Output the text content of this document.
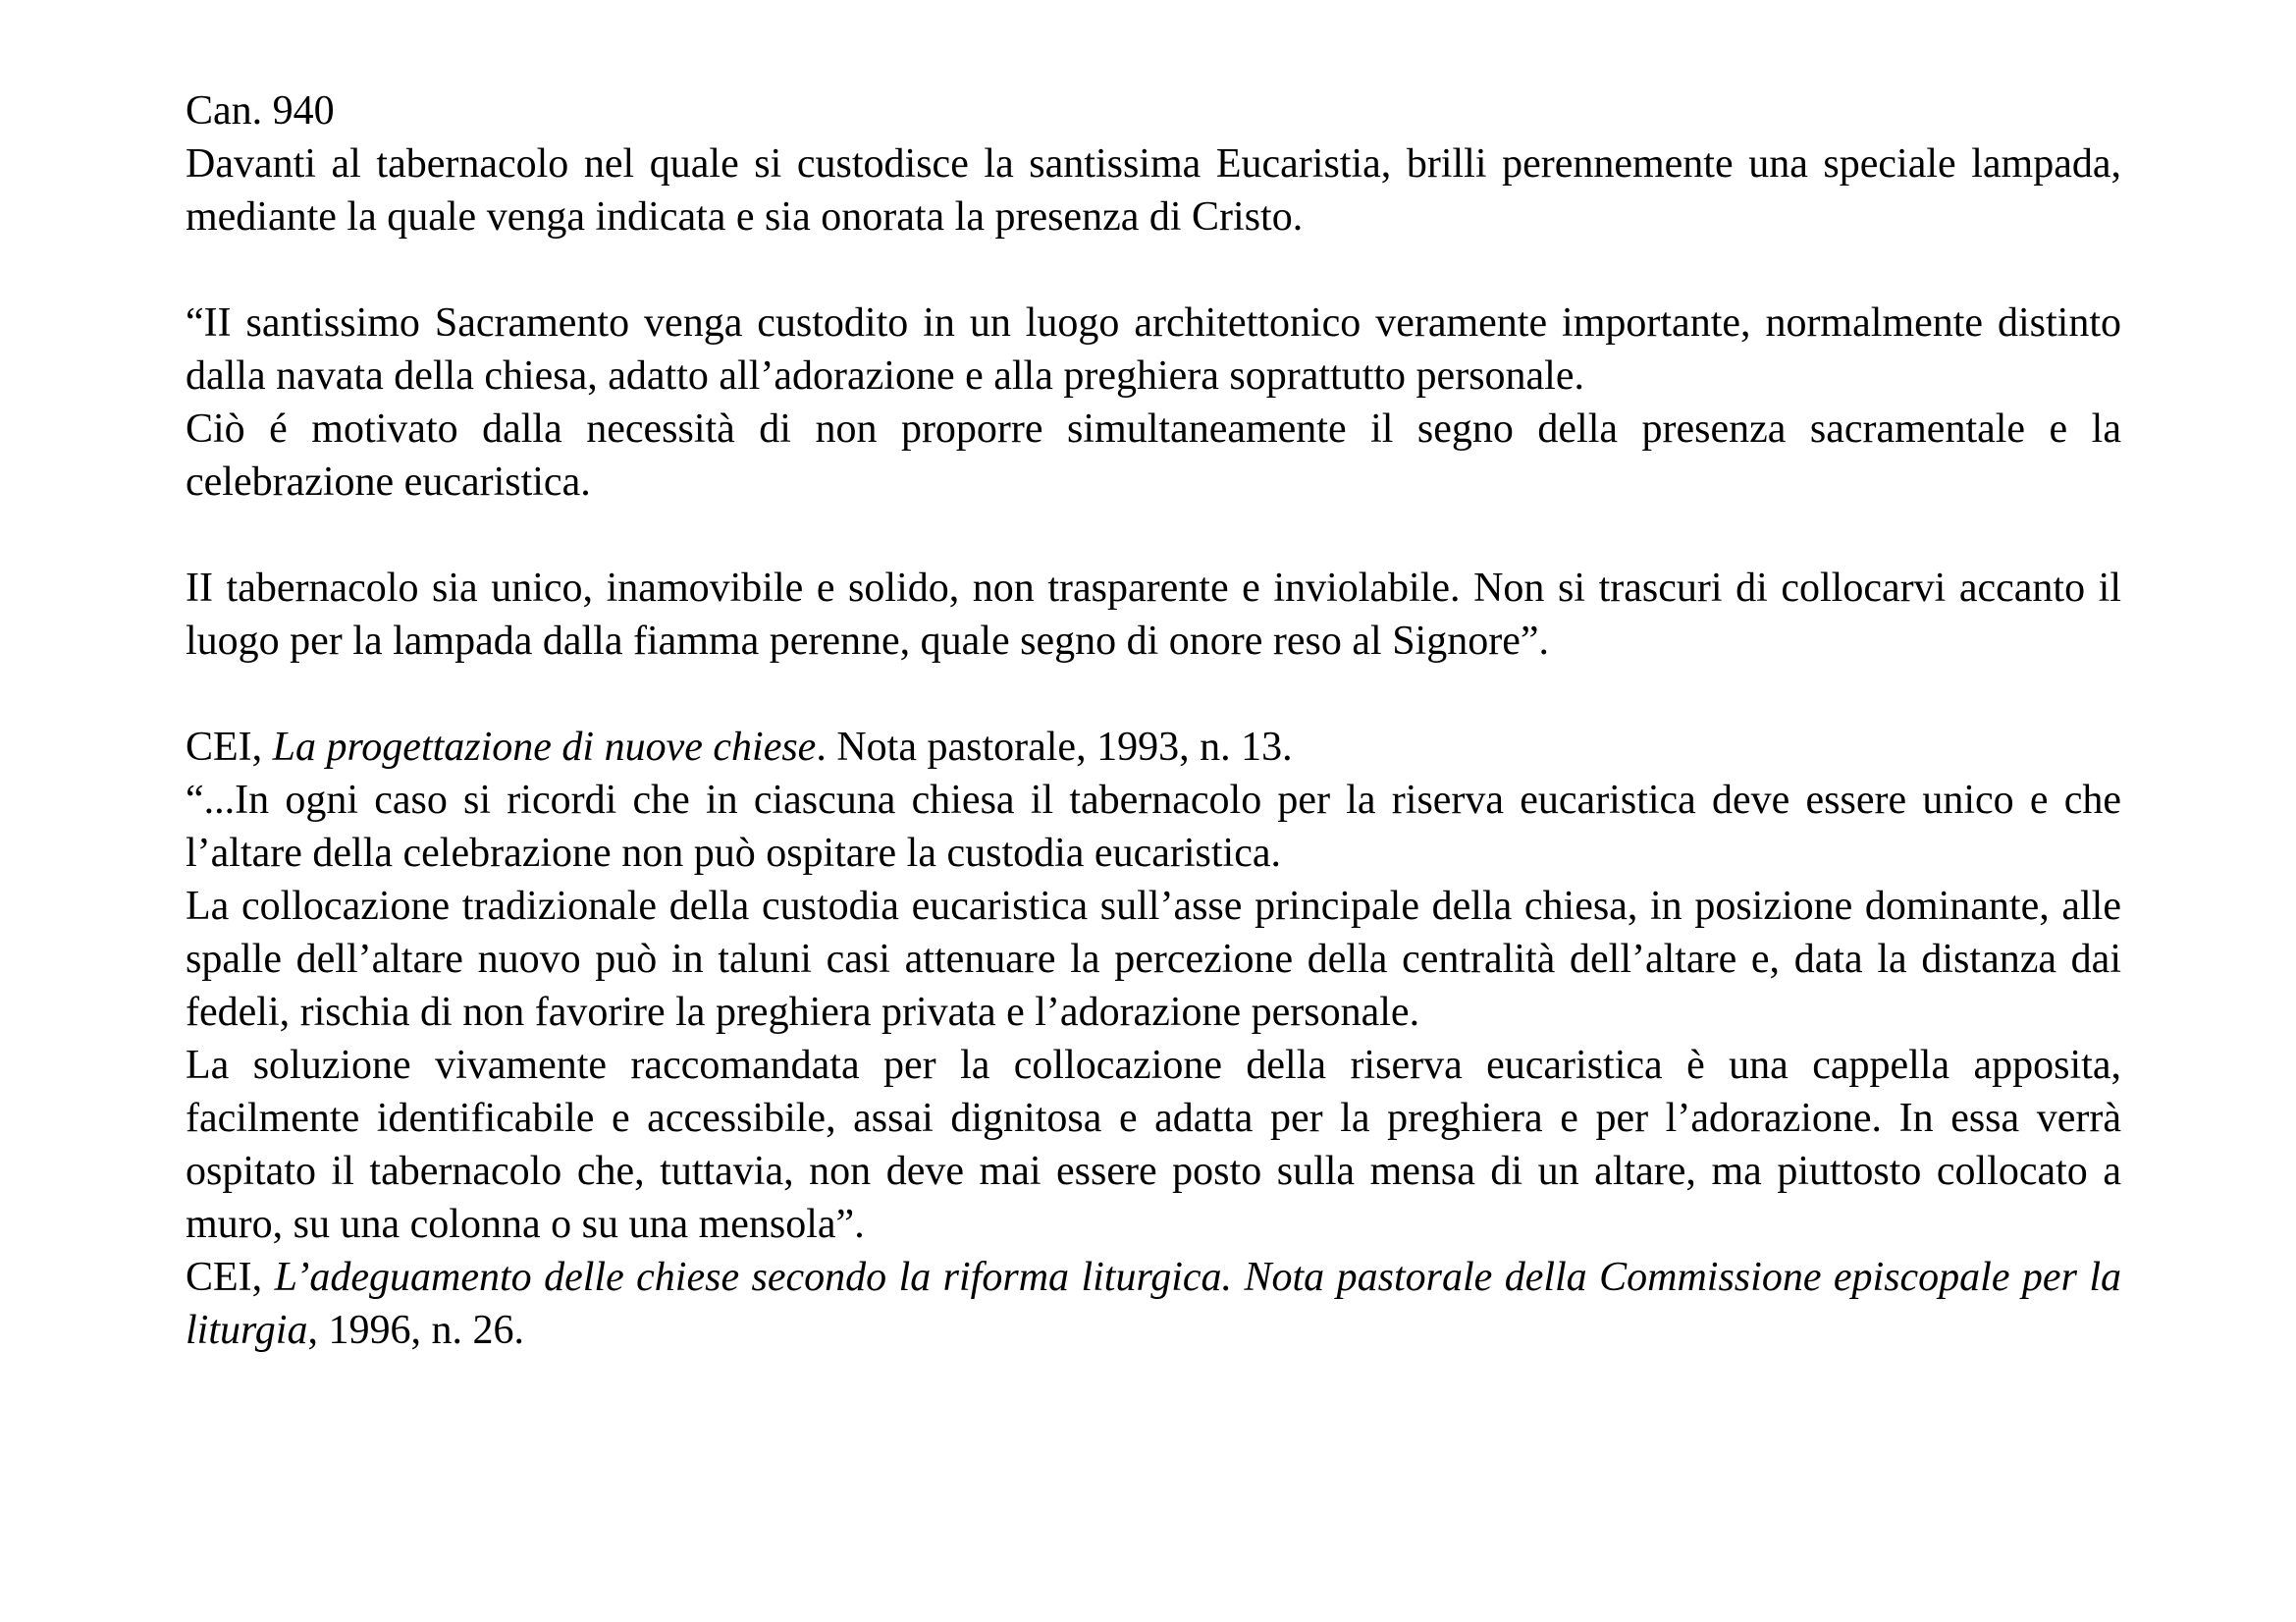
Can. 940

Davanti al tabernacolo nel quale si custodisce la santissima Eucaristia, brilli perennemente una speciale lampada, mediante la quale venga indicata e sia onorata la presenza di Cristo.

“II santissimo Sacramento venga custodito in un luogo architettonico veramente importante, normalmente distinto dalla navata della chiesa, adatto all’adorazione e alla preghiera soprattutto personale.

Ciò é motivato dalla necessità di non proporre simultaneamente il segno della presenza sacramentale e la celebrazione eucaristica.

II tabernacolo sia unico, inamovibile e solido, non trasparente e inviolabile. Non si trascuri di collocarvi accanto il luogo per la lampada dalla fiamma perenne, quale segno di onore reso al Signore”.

CEI, La progettazione di nuove chiese. Nota pastorale, 1993, n. 13.

“...In ogni caso si ricordi che in ciascuna chiesa il tabernacolo per la riserva eucaristica deve essere unico e che l’altare della celebrazione non può ospitare la custodia eucaristica.

La collocazione tradizionale della custodia eucaristica sull’asse principale della chiesa, in posizione dominante, alle spalle dell’altare nuovo può in taluni casi attenuare la percezione della centralità dell’altare e, data la distanza dai fedeli, rischia di non favorire la preghiera privata e l’adorazione personale.

La soluzione vivamente raccomandata per la collocazione della riserva eucaristica è una cappella apposita, facilmente identificabile e accessibile, assai dignitosa e adatta per la preghiera e per l’adorazione. In essa verrà ospitato il tabernacolo che, tuttavia, non deve mai essere posto sulla mensa di un altare, ma piuttosto collocato a muro, su una colonna o su una mensola”.

CEI, L’adeguamento delle chiese secondo la riforma liturgica. Nota pastorale della Commissione episcopale per la liturgia, 1996, n. 26.
